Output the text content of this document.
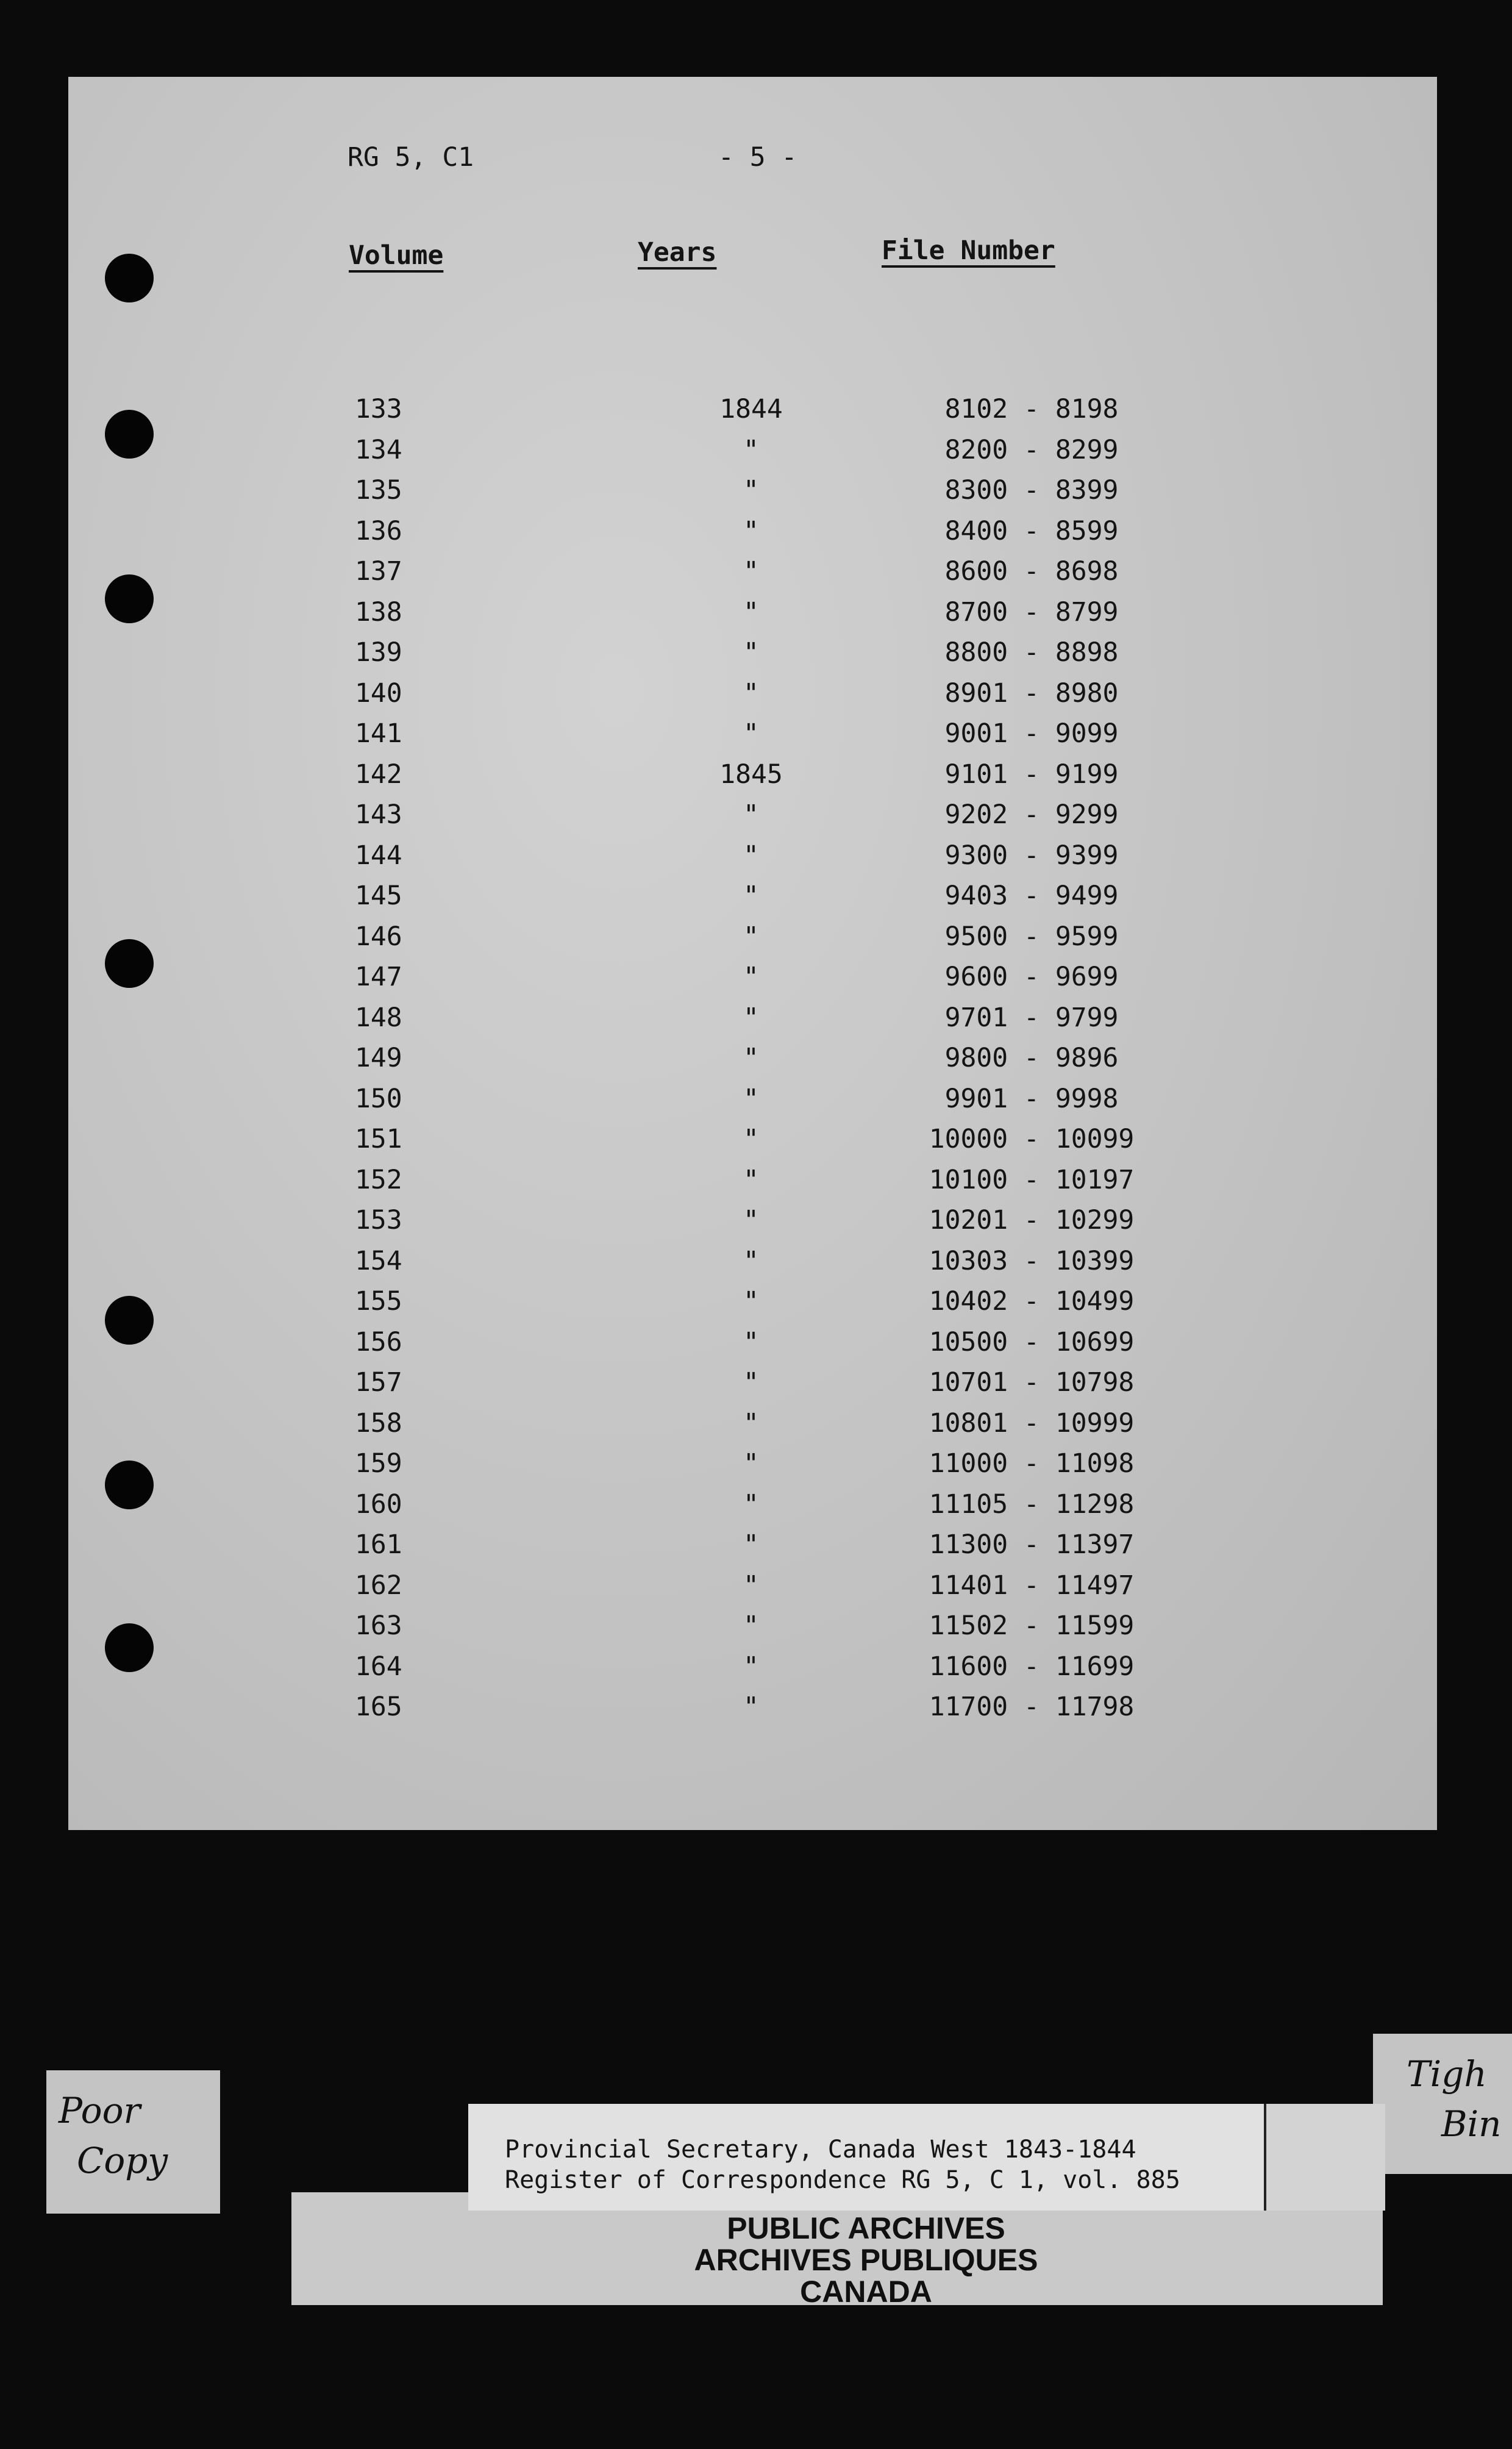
RG 5, C1	- 5 -
Volume	Years	File Number
133	1844	8102 - 8198
134	"	8200 - 8299
135	"	8300 - 8399
136	"	8400 - 8599
137	"	8600 - 8698
138	"	8700 - 8799
139	"	8800 - 8898
140	"	8901 - 8980
141	"	9001 - 9099
142	1845	9101 - 9199
143	"	9202 - 9299
144	"	9300 - 9399
145	"	9403 - 9499
146	"	9500 - 9599
147	"	9600 - 9699
148	"	9701 - 9799
149	"	9800 - 9896
150	"	9901 - 9998
151	"	10000 - 10099
152	"	10100 - 10197
153	"	10201 - 10299
154	"	10303 - 10399
155	"	10402 - 10499
156	"	10500 - 10699
157	"	10701 - 10798
158	"	10801 - 10999
159	"	11000 - 11098
160	"	11105 - 11298
161	"	11300 - 11397
162	"	11401 - 11497
163	"	11502 - 11599
164	"	11600 - 11699
165	"	11700 - 11798
Poor
Copy
Tigh
Bin
Provincial Secretary, Canada West 1843-1844
Register of Correspondence RG 5, C 1, vol. 885
PUBLIC ARCHIVES
ARCHIVES PUBLIQUES
CANADA
